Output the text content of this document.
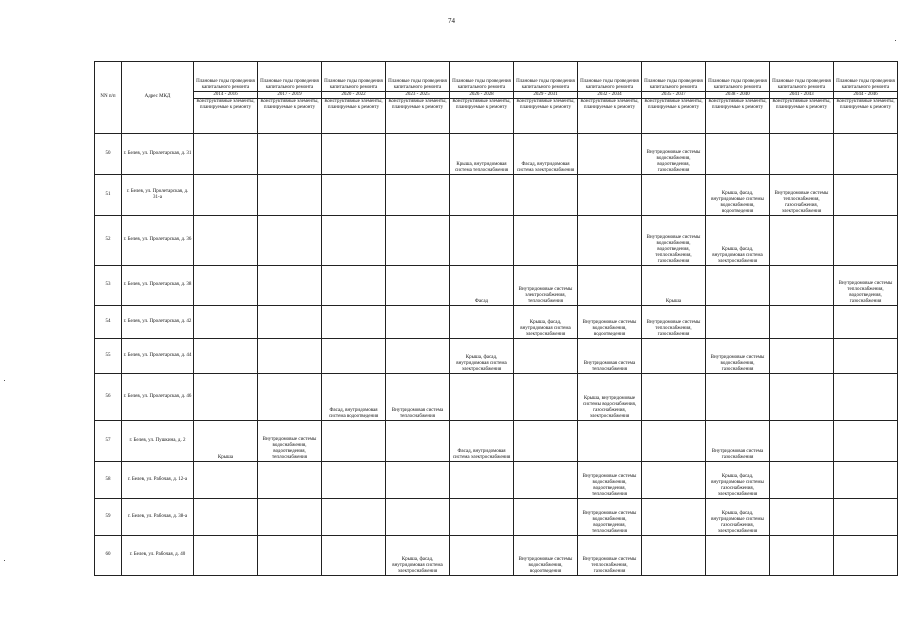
74
NN п/п	Адрес МКД	Плановые годы проведения капитального ремонта	Плановые годы проведения капитального ремонта	Плановые годы проведения капитального ремонта	Плановые годы проведения капитального ремонта	Плановые годы проведения капитального ремонта	Плановые годы проведения капитального ремонта	Плановые годы проведения капитального ремонта	Плановые годы проведения капитального ремонта	Плановые годы проведения капитального ремонта	Плановые годы проведения капитального ремонта	Плановые годы проведения капитального ремонта
		2014 - 2016	2017 - 2019	2020 - 2022	2023 - 2025	2026 - 2028	2029 - 2031	2032 - 2034	2035 - 2037	2038 - 2040	2041 - 2043	2044 - 2046
		Конструктивные элементы, планируемые к ремонту	Конструктивные элементы, планируемые к ремонту	Конструктивные элементы, планируемые к ремонту	Конструктивные элементы, планируемые к ремонту	Конструктивные элементы, планируемые к ремонту	Конструктивные элементы, планируемые к ремонту	Конструктивные элементы, планируемые к ремонту	Конструктивные элементы, планируемые к ремонту	Конструктивные элементы, планируемые к ремонту	Конструктивные элементы, планируемые к ремонту	Конструктивные элементы, планируемые к ремонту
50	г. Белев, ул. Пролетарская, д. 31					Крыша, внутридомовая система теплоснабжения	Фасад, внутридомовая система электроснабжения		Внутридомовые системы водоснабжения, водоотведения, газоснабжения			
51	г. Белев, ул. Пролетарская, д. 31-а									Крыша, фасад, внутридомовые системы водоснабжения, водоотведения	Внутридомовые системы теплоснабжения, газоснабжения, электроснабжения	
52	г. Белев, ул. Пролетарская, д. 36								Внутридомовые системы водоснабжения, водоотведения, теплоснабжения, газоснабжения	Крыша, фасад, внутридомовая система электроснабжения		
53	г. Белев, ул. Пролетарская, д. 38					Фасад	Внутридомовые системы электроснабжения, теплоснабжения		Крыша			Внутридомовые системы теплоснабжения, водоотведения, газоснабжения
54	г. Белев, ул. Пролетарская, д. 42						Крыша, фасад, внутридомовая система электроснабжения	Внутридомовые системы водоснабжения, водоотведения	Внутридомовые системы теплоснабжения, газоснабжения			
55	г. Белев, ул. Пролетарская, д. 44					Крыша, фасад, внутридомовая система электроснабжения		Внутридомовая система теплоснабжения		Внутридомовые системы водоснабжения, газоснабжения		
56	г. Белев, ул. Пролетарская, д. 46			Фасад, внутридомовая система водоотведения	Внутридомовая система теплоснабжения			Крыша, внутридомовые системы водоснабжения, газоснабжения, электроснабжения				
57	г. Белев, ул. Пушкина, д. 2	Крыша	Внутридомовые системы водоснабжения, водоотведения, теплоснабжения			Фасад, внутридомовая система электроснабжения				Внутридомовая система газоснабжения		
58	г. Белев, ул. Рабочая, д. 12-а							Внутридомовые системы водоснабжения, водоотведения, теплоснабжения		Крыша, фасад, внутридомовые системы газоснабжения, электроснабжения		
59	г. Белев, ул. Рабочая, д. 38-а							Внутридомовые системы водоснабжения, водоотведения, теплоснабжения		Крыша, фасад, внутридомовые системы газоснабжения, электроснабжения		
60	г. Белев, ул. Рабочая, д. 40				Крыша, фасад, внутридомовая система электроснабжения		Внутридомовые системы водоснабжения, водоотведения	Внутридомовые системы теплоснабжения, газоснабжения				
